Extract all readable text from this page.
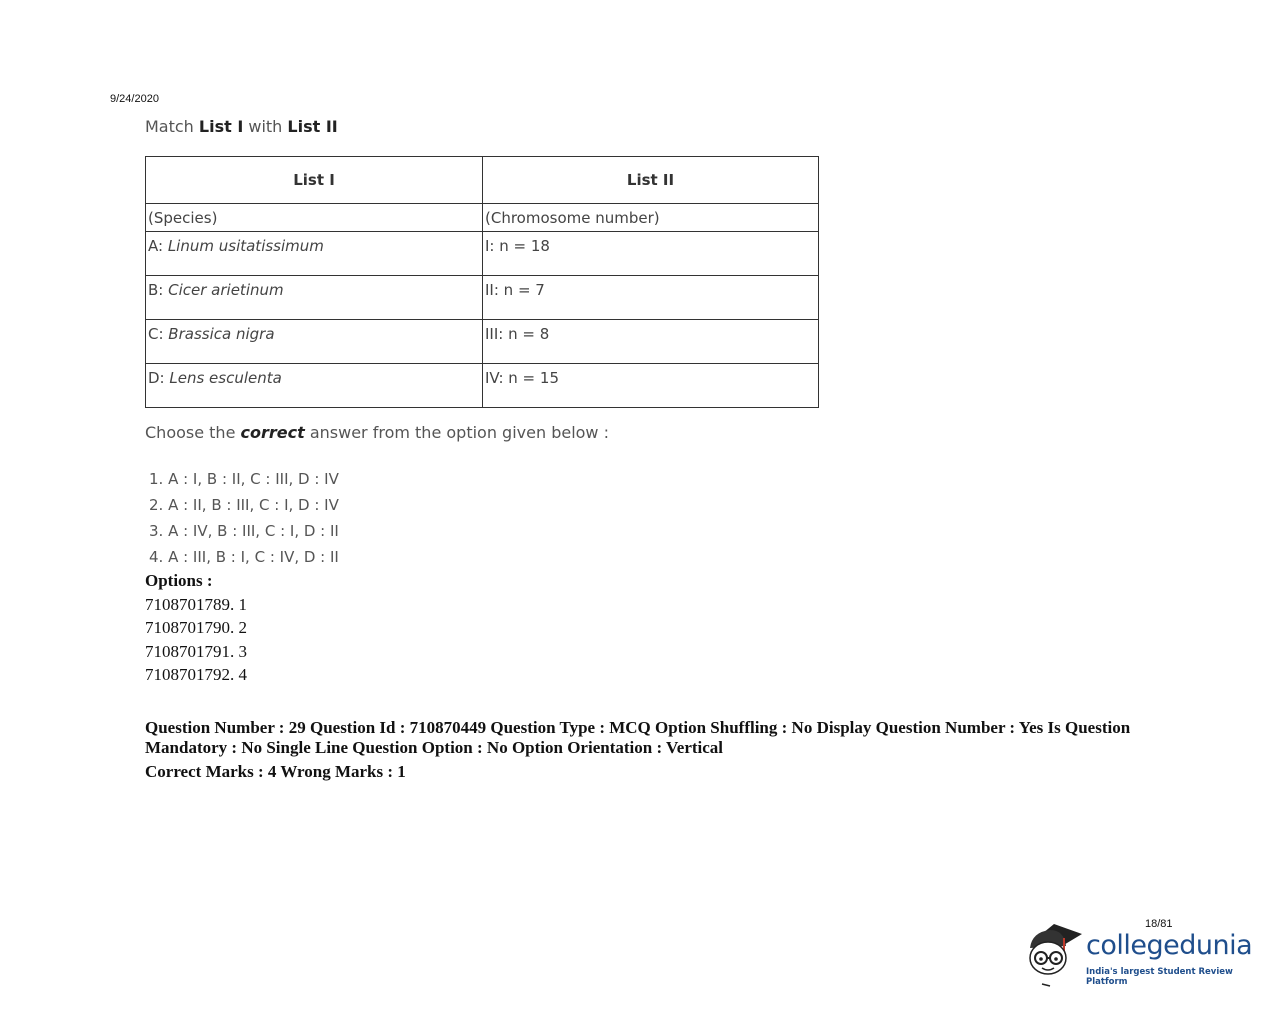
9/24/2020
Match List I with List II
List I	List II
(Species)	(Chromosome number)
A: Linum usitatissimum	I: n = 18
B: Cicer arietinum	II: n = 7
C: Brassica nigra	III: n = 8
D: Lens esculenta	IV: n = 15
Choose the correct answer from the option given below :
1. A : I, B : II, C : III, D : IV
2. A : II, B : III, C : I, D : IV
3. A : IV, B : III, C : I, D : II
4. A : III, B : I, C : IV, D : II
Options :
7108701789. 1
7108701790. 2
7108701791. 3
7108701792. 4
Question Number : 29 Question Id : 710870449 Question Type : MCQ Option Shuffling : No Display Question Number : Yes Is Question Mandatory : No Single Line Question Option : No Option Orientation : Vertical
Correct Marks : 4 Wrong Marks : 1
18/81
collegedunia
India's largest Student Review Platform
